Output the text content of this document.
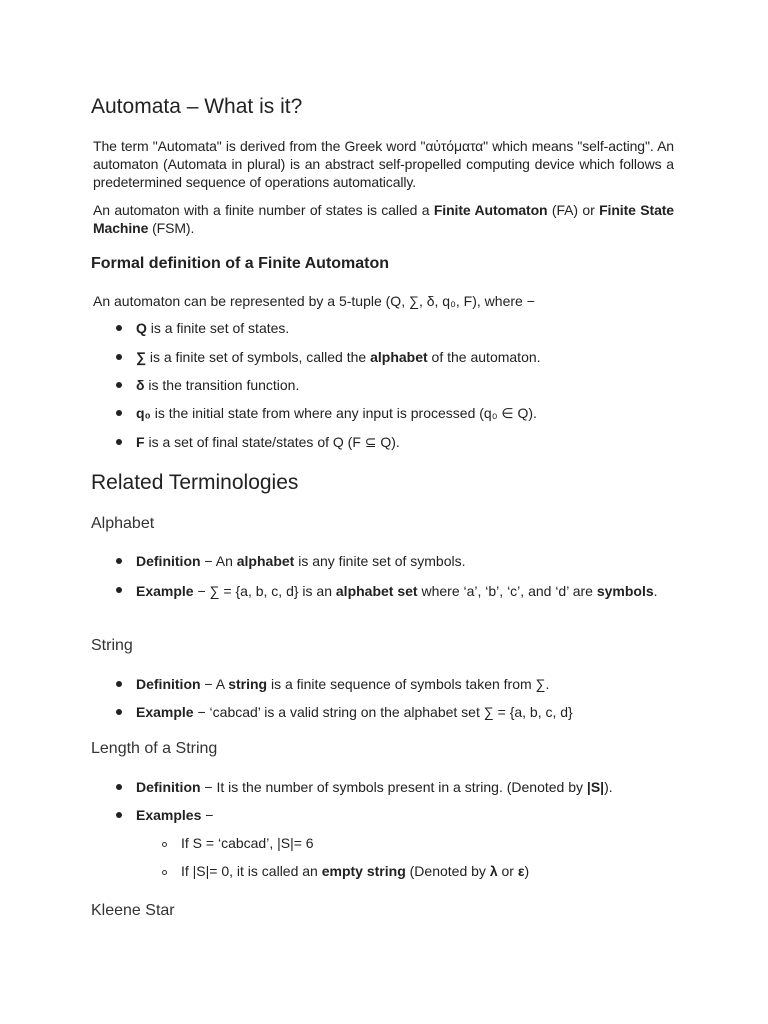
Automata – What is it?

The term "Automata" is derived from the Greek word "αὐτόματα" which means "self-acting". An automaton (Automata in plural) is an abstract self-propelled computing device which follows a predetermined sequence of operations automatically.

An automaton with a finite number of states is called a Finite Automaton (FA) or Finite State Machine (FSM).

Formal definition of a Finite Automaton

An automaton can be represented by a 5-tuple (Q, ∑, δ, q₀, F), where −

Q is a finite set of states.

∑ is a finite set of symbols, called the alphabet of the automaton.

δ is the transition function.

q₀ is the initial state from where any input is processed (q₀ ∈ Q).

F is a set of final state/states of Q (F ⊆ Q).

Related Terminologies
Alphabet

Definition − An alphabet is any finite set of symbols.

Example − ∑ = {a, b, c, d} is an alphabet set where ‘a’, ‘b’, ‘c’, and ‘d’ are symbols.

String

Definition − A string is a finite sequence of symbols taken from ∑.

Example − ‘cabcad’ is a valid string on the alphabet set ∑ = {a, b, c, d}

Length of a String

Definition − It is the number of symbols present in a string. (Denoted by |S|).

Examples −

If S = ‘cabcad’, |S|= 6

If |S|= 0, it is called an empty string (Denoted by λ or ε)

Kleene Star
